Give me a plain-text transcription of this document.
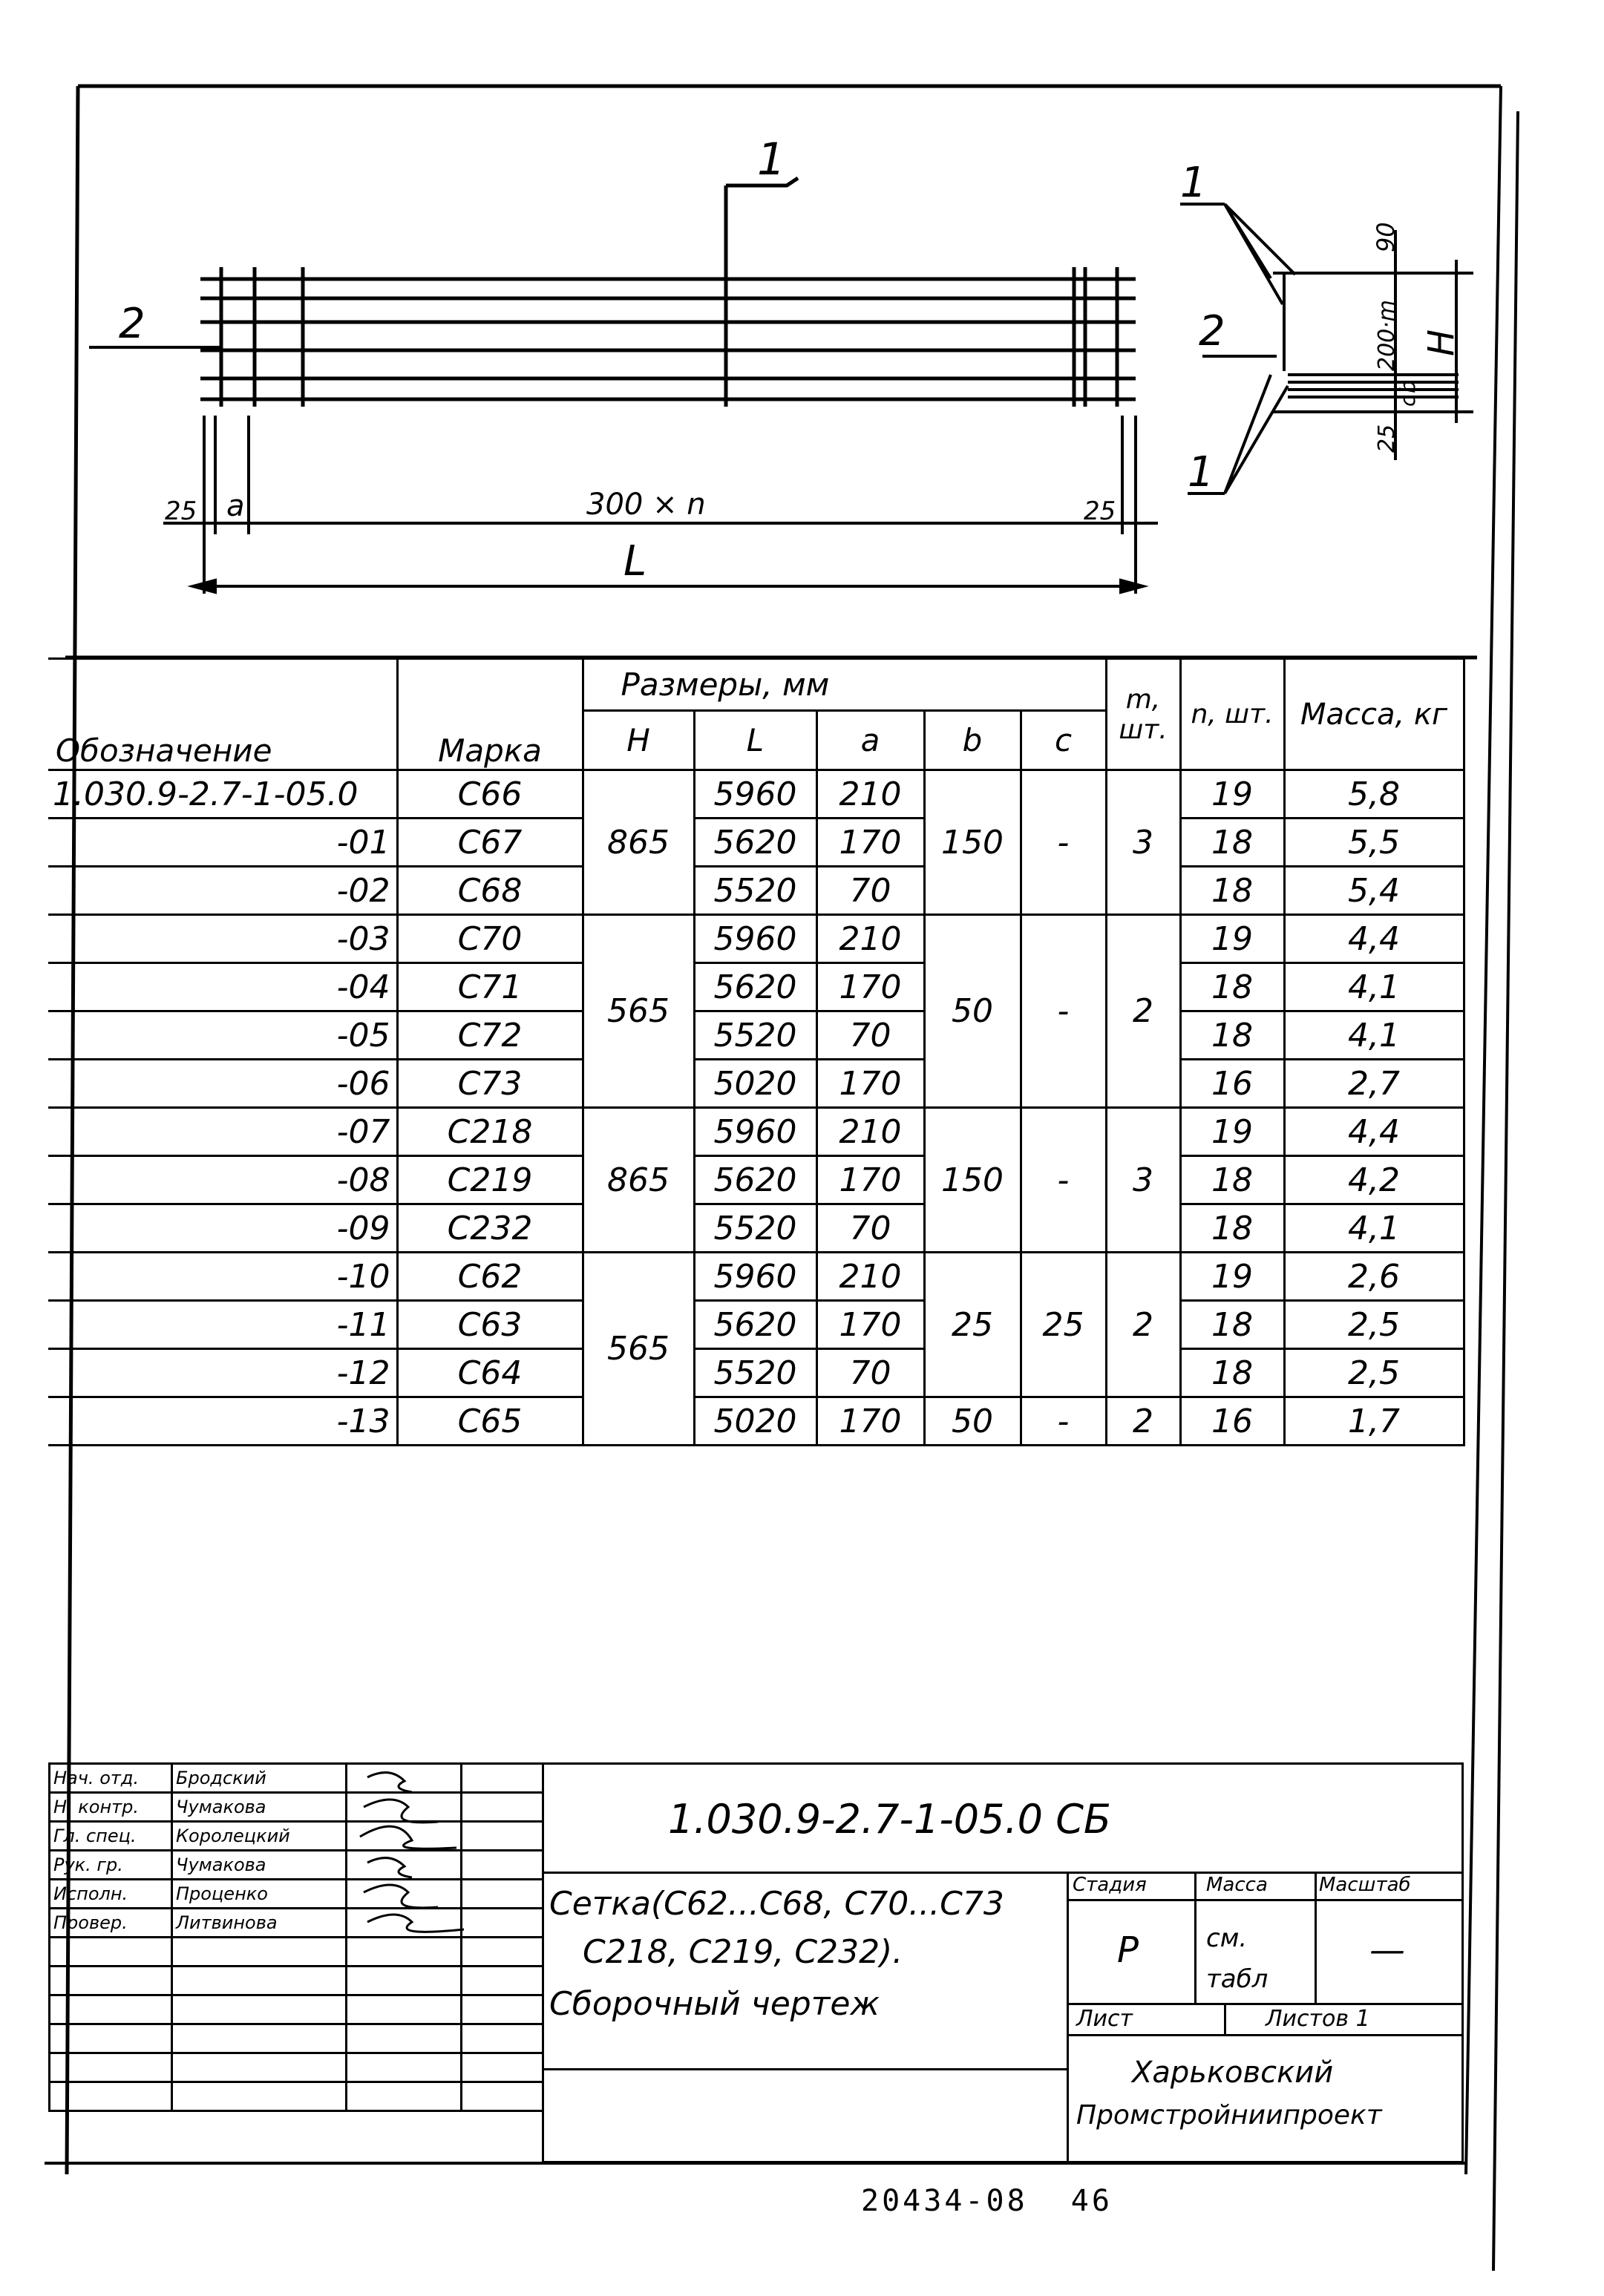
1
2
25 a	300 × n	25
L
1
1
2
90
200·m
b
c
25
H
Обозначение	Марка	Размеры, мм					m, шт.	n, шт.	Масса, кг
		H	L	a	b	c			
1.030.9-2.7-1-05.0	С66	865	5960	210	150	-	3	19	5,8
-01	С67		5620	170				18	5,5
-02	С68		5520	70				18	5,4
-03	С70	565	5960	210	50	-	2	19	4,4
-04	С71		5620	170				18	4,1
-05	С72		5520	70				18	4,1
-06	С73		5020	170				16	2,7
-07	С218	865	5960	210	150	-	3	19	4,4
-08	С219		5620	170				18	4,2
-09	С232		5520	70				18	4,1
-10	С62	565	5960	210	25	25	2	19	2,6
-11	С63		5620	170				18	2,5
-12	С64		5520	70				18	2,5
-13	С65		5020	170	50	-	2	16	1,7
Нач. отд.	Бродский		
Н. контр.	Чумакова		
Гл. спец.	Королецкий		
Рук. гр.	Чумакова		
Исполн.	Проценко		
Провер.	Литвинова		

1.030.9-2.7-1-05.0 СБ
Сетка(С62...С68, С70...С73
С218, С219, С232).
Сборочный чертеж
Стадия	Масса	Масштаб
Р	см. табл
—
Лист	Листов 1
Харьковский
Промстройниипроект
20434-08 46
